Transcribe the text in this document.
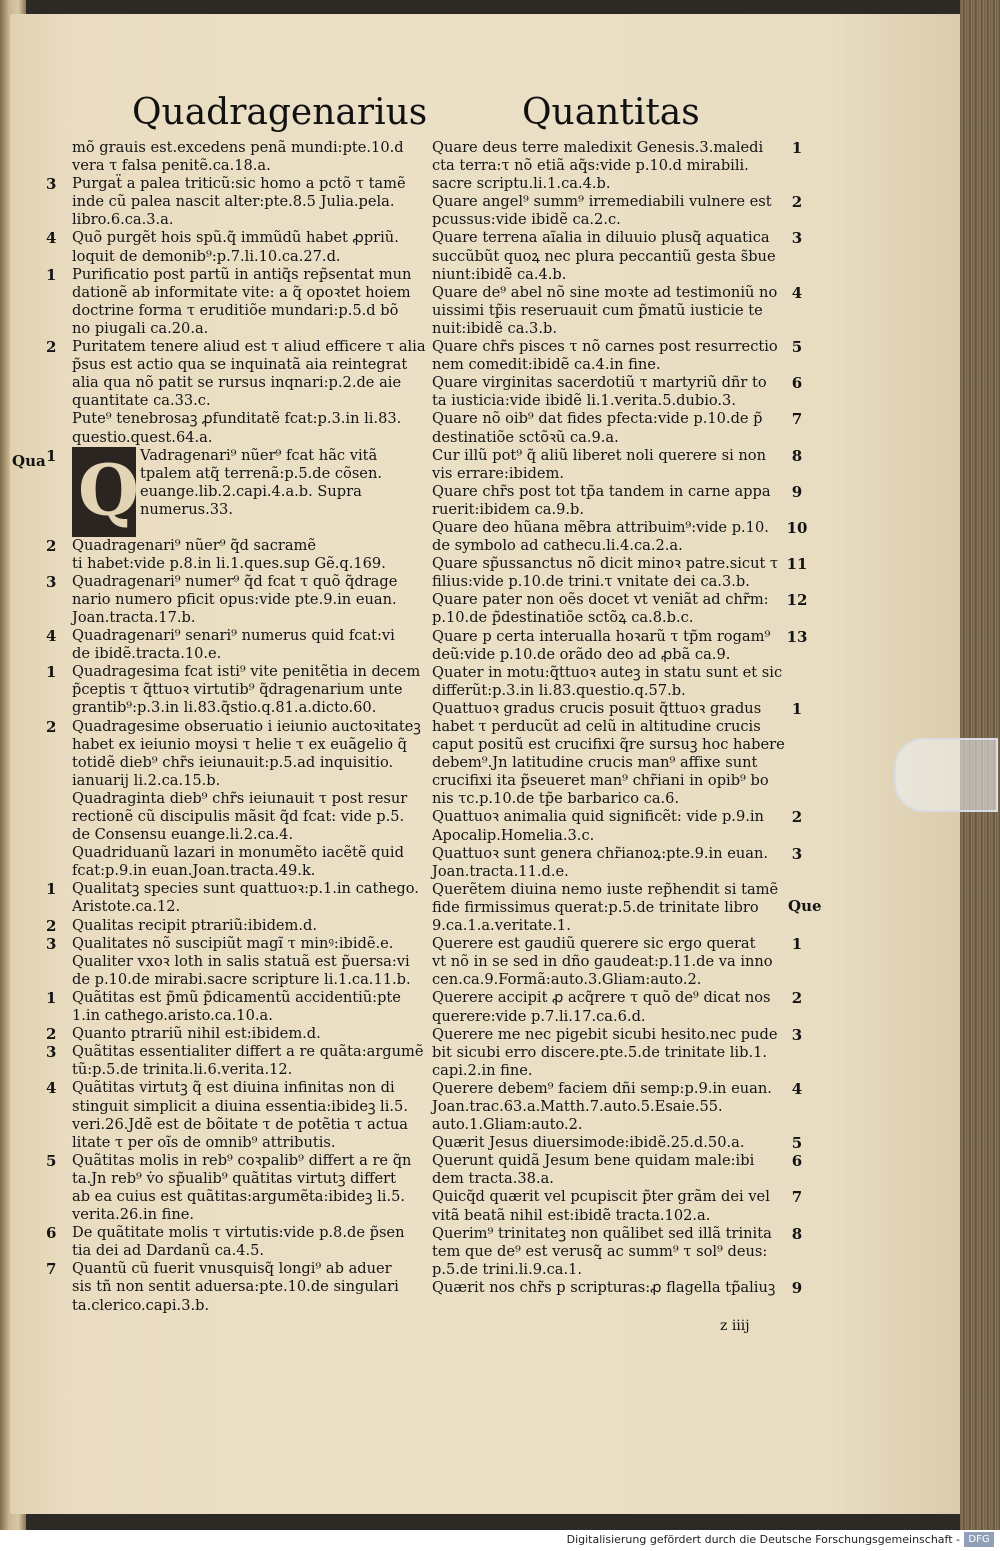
Quadragenarius	Quantitas
Qua
Que
mõ grauis est.excedens penã mundi:pte.10.d
vera τ falsa penitẽ.ca.18.a.
3 Purgaẗ a palea triticũ:sic homo a pctõ τ tamẽ
inde cũ palea nascit alter:pte.8.5 Julia.pela.
libro.6.ca.3.a.
4 Quõ purgẽt hois spũ.q̃ immũdũ habet ꝓpriũ.
loquit de demonib⁹:p.7.li.10.ca.27.d.
1 Purificatio post partũ in antiq̃s rep̃sentat mun
dationẽ ab informitate vite: a q̃ opoꝛtet hoiem
doctrine forma τ eruditiõe mundari:p.5.d bõ
no piugali ca.20.a.
2 Puritatem tenere aliud est τ aliud efficere τ alia
p̃sus est actio qua se inquinatã aia reintegrat
alia qua nõ patit se rursus inqnari:p.2.de aie
quantitate ca.33.c.
Pute⁹ tenebrosaꝫ ꝓfunditatẽ fcat:p.3.in li.83.
questio.quest.64.a.
1 Q Vadragenari⁹ nũer⁹ fcat hãc vitã
tpalem atq̃ terrenã:p.5.de cõsen.
euange.lib.2.capi.4.a.b. Supra
numerus.33.
2 Quadragenari⁹ nũer⁹ q̃d sacramẽ
ti habet:vide p.8.in li.1.ques.sup Gẽ.q.169.
3 Quadragenari⁹ numer⁹ q̃d fcat τ quõ q̃drage
nario numero pficit opus:vide pte.9.in euan.
Joan.tracta.17.b.
4 Quadragenari⁹ senari⁹ numerus quid fcat:vi
de ibidẽ.tracta.10.e.
1 Quadragesima fcat isti⁹ vite penitẽtia in decem
p̃ceptis τ q̃ttuoꝛ virtutib⁹ q̃dragenarium unte
grantib⁹:p.3.in li.83.q̃stio.q.81.a.dicto.60.
2 Quadragesime obseruatio i ieiunio auctoꝛitateꝫ
habet ex ieiunio moysi τ helie τ ex euãgelio q̃
totidẽ dieb⁹ chr̃s ieiunauit:p.5.ad inquisitio.
ianuarij li.2.ca.15.b.
Quadraginta dieb⁹ chr̃s ieiunauit τ post resur
rectionẽ cũ discipulis mãsit q̃d fcat: vide p.5.
de Consensu euange.li.2.ca.4.
Quadriduanũ lazari in monumẽto iacẽtẽ quid
fcat:p.9.in euan.Joan.tracta.49.k.
1 Qualitatꝫ species sunt quattuoꝛ:p.1.in cathego.
Aristote.ca.12.
2 Qualitas recipit ptrariũ:ibidem.d.
3 Qualitates nõ suscipiũt magĩ τ minꝰ:ibidẽ.e.
Qualiter vxoꝛ loth in salis statuã est p̃uersa:vi
de p.10.de mirabi.sacre scripture li.1.ca.11.b.
1 Quãtitas est p̃mũ p̃dicamentũ accidentiũ:pte
1.in cathego.aristo.ca.10.a.
2 Quanto ptrariũ nihil est:ibidem.d.
3 Quãtitas essentialiter differt a re quãta:argumẽ
tũ:p.5.de trinita.li.6.verita.12.
4 Quãtitas virtutꝫ q̃ est diuina infinitas non di
stinguit simplicit a diuina essentia:ibideꝫ li.5.
veri.26.Jdẽ est de bõitate τ de potẽtia τ actua
litate τ per oĩs de omnib⁹ attributis.
5 Quãtitas molis in reb⁹ coꝛpalib⁹ differt a re q̃n
ta.Jn reb⁹ v̇o sp̃ualib⁹ quãtitas virtutꝫ differt
ab ea cuius est quãtitas:argumẽta:ibideꝫ li.5.
verita.26.in fine.
6 De quãtitate molis τ virtutis:vide p.8.de p̃sen
tia dei ad Dardanũ ca.4.5.
7 Quantũ cũ fuerit vnusquisq̃ longi⁹ ab aduer
sis tñ non sentit aduersa:pte.10.de singulari
ta.clerico.capi.3.b.
1
Quare deus terre maledixit Genesis.3.maledi
cta terra:τ nõ etiã aq̃s:vide p.10.d mirabili.
sacre scriptu.li.1.ca.4.b.
2
Quare angel⁹ summ⁹ irremediabili vulnere est
pcussus:vide ibidẽ ca.2.c.
3
Quare terrena aĩalia in diluuio plusq̃ aquatica
succũbũt quoꝝ nec plura peccantiũ gesta s̃bue
niunt:ibidẽ ca.4.b.
4
Quare de⁹ abel nõ sine moꝛte ad testimoniũ no
uissimi tp̃is reseruauit cum p̃matũ iusticie te
nuit:ibidẽ ca.3.b.
5
Quare chr̃s pisces τ nõ carnes post resurrectio
nem comedit:ibidẽ ca.4.in fine.
6
Quare virginitas sacerdotiũ τ martyriũ dñr to
ta iusticia:vide ibidẽ li.1.verita.5.dubio.3.
7
Quare nõ oib⁹ dat fides pfecta:vide p.10.de p̃
destinatiõe sctõꝛũ ca.9.a.
8
Cur illũ pot⁹ q̃ aliũ liberet noli querere si non
vis errare:ibidem.
9
Quare chr̃s post tot tp̃a tandem in carne appa
ruerit:ibidem ca.9.b.
10
Quare deo hũana mẽbra attribuim⁹:vide p.10.
de symbolo ad cathecu.li.4.ca.2.a.
11
Quare sp̃ussanctus nõ dicit minoꝛ patre.sicut τ
filius:vide p.10.de trini.τ vnitate dei ca.3.b.
12
Quare pater non oẽs docet vt veniãt ad chr̃m:
p.10.de p̃destinatiõe sctõꝝ ca.8.b.c.
13
Quare p certa interualla hoꝛarũ τ tp̃m rogam⁹
deũ:vide p.10.de orãdo deo ad ꝓbã ca.9.
Quater in motu:q̃ttuoꝛ auteꝫ in statu sunt et sic
differũt:p.3.in li.83.questio.q.57.b.
1
Quattuoꝛ gradus crucis posuit q̃ttuoꝛ gradus
habet τ perducũt ad celũ in altitudine crucis
caput positũ est crucifixi q̃re sursuꝫ hoc habere
debem⁹.Jn latitudine crucis man⁹ affixe sunt
crucifixi ita p̃seueret man⁹ chr̃iani in opib⁹ bo
nis τc.p.10.de tp̃e barbarico ca.6.
2
Quattuoꝛ animalia quid significẽt: vide p.9.in
Apocalip.Homelia.3.c.
3
Quattuoꝛ sunt genera chr̃ianoꝝ:pte.9.in euan.
Joan.tracta.11.d.e.
Querẽtem diuina nemo iuste rep̃hendit si tamẽ
fide firmissimus querat:p.5.de trinitate libro
9.ca.1.a.veritate.1.
1
Querere est gaudiũ querere sic ergo querat
vt nõ in se sed in dño gaudeat:p.11.de va inno
cen.ca.9.Formã:auto.3.Gliam:auto.2.
2
Querere accipit ꝓ acq̃rere τ quõ de⁹ dicat nos
querere:vide p.7.li.17.ca.6.d.
3
Querere me nec pigebit sicubi hesito.nec pude
bit sicubi erro discere.pte.5.de trinitate lib.1.
capi.2.in fine.
4
Querere debem⁹ faciem dñi semp:p.9.in euan.
Joan.trac.63.a.Matth.7.auto.5.Esaie.55.
auto.1.Gliam:auto.2.
5
Quærit Jesus diuersimode:ibidẽ.25.d.50.a.
6
Querunt quidã Jesum bene quidam male:ibi
dem tracta.38.a.
7
Quicq̃d quærit vel pcupiscit p̃ter grãm dei vel
vitã beatã nihil est:ibidẽ tracta.102.a.
8
Querim⁹ trinitateꝫ non quãlibet sed illã trinita
tem que de⁹ est verusq̃ ac summ⁹ τ sol⁹ deus:
p.5.de trini.li.9.ca.1.
9
Quærit nos chr̃s p scripturas:ꝓ flagella tp̃aliuꝫ
z iiij
Digitalisierung gefördert durch die Deutsche Forschungsgemeinschaft - DFG
